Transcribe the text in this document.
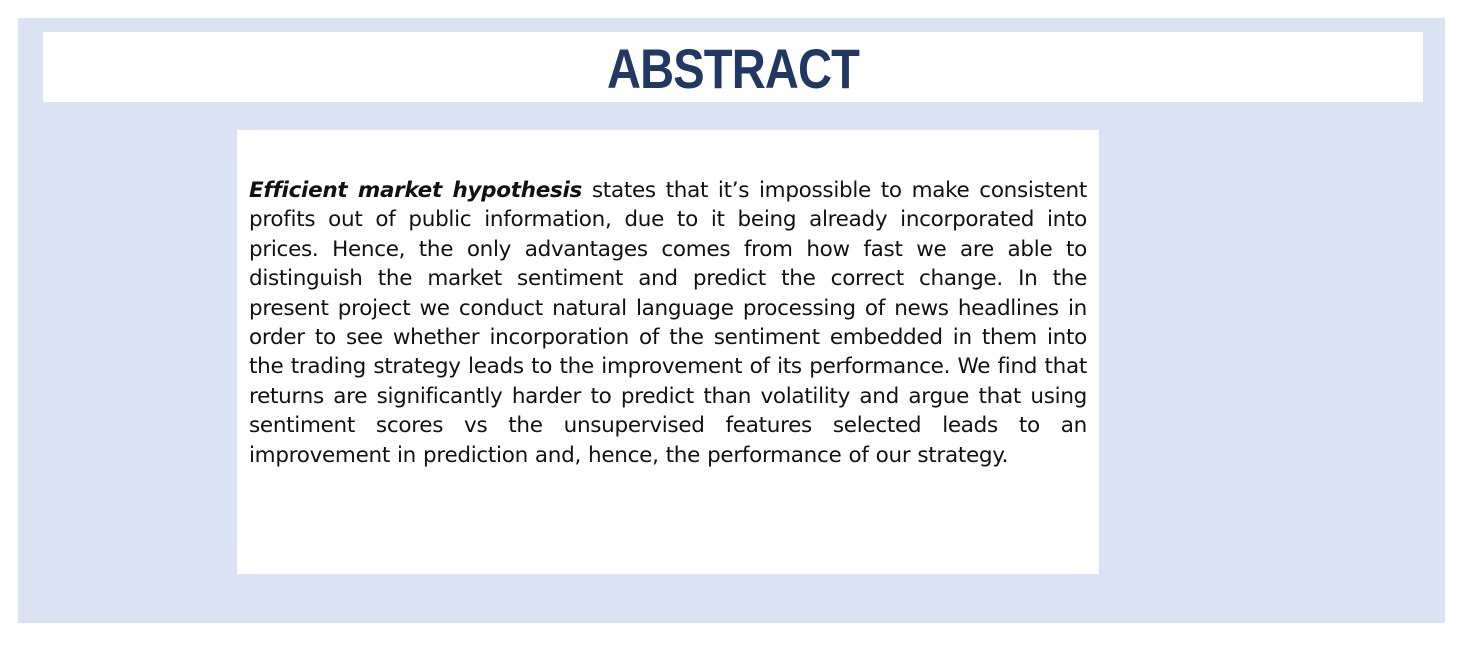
ABSTRACT

Efficient market hypothesis states that it’s impossible to make consistent profits out of public information, due to it being already incorporated into prices. Hence, the only advantages comes from how fast we are able to distinguish the market sentiment and predict the correct change. In the present project we conduct natural language processing of news headlines in order to see whether incorporation of the sentiment embedded in them into the trading strategy leads to the improvement of its performance. We find that returns are significantly harder to predict than volatility and argue that using sentiment scores vs the unsupervised features selected leads to an improvement in prediction and, hence, the performance of our strategy.
